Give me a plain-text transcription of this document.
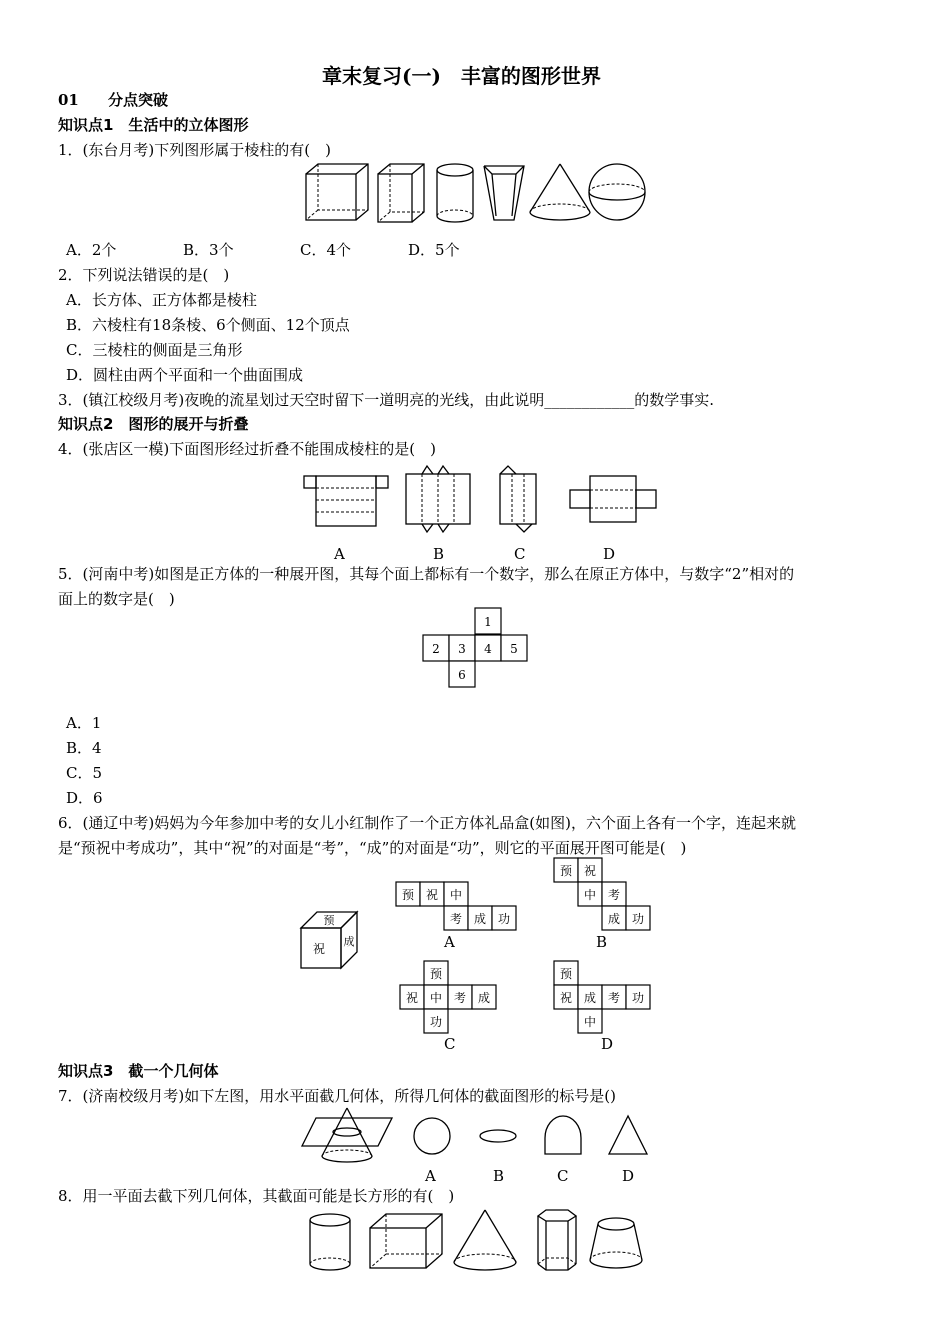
章末复习(一)　丰富的图形世界
01 分点突破
知识点1　生活中的立体图形
1．(东台月考)下列图形属于棱柱的有(　)
A．2个	B．3个	C．4个	D．5个
2．下列说法错误的是(　)
A．长方体、正方体都是棱柱
B．六棱柱有18条棱、6个侧面、12个顶点
C．三棱柱的侧面是三角形
D．圆柱由两个平面和一个曲面围成
3．(镇江校级月考)夜晚的流星划过天空时留下一道明亮的光线，由此说明____________的数学事实.
知识点2　图形的展开与折叠
4．(张店区一模)下面图形经过折叠不能围成棱柱的是(　)
A	B	C	D
5．(河南中考)如图是正方体的一种展开图，其每个面上都标有一个数字，那么在原正方体中，与数字“2”相对的
面上的数字是(　)
1
2 3 4 5
6
A．1
B．4
C．5
D．6
6．(通辽中考)妈妈为今年参加中考的女儿小红制作了一个正方体礼品盒(如图)，六个面上各有一个字，连起来就
是“预祝中考成功”，其中“祝”的对面是“考”，“成”的对面是“功”，则它的平面展开图可能是(　)
预
祝
成
预 祝 中
考 成 功
A
预 祝
中 考
成 功
B
预
祝 中 考 成
功
C
预
祝 成 考 功
中
D
知识点3　截一个几何体
7．(济南校级月考)如下左图，用水平面截几何体，所得几何体的截面图形的标号是()
A	B	C	D
8．用一平面去截下列几何体，其截面可能是长方形的有(　)
